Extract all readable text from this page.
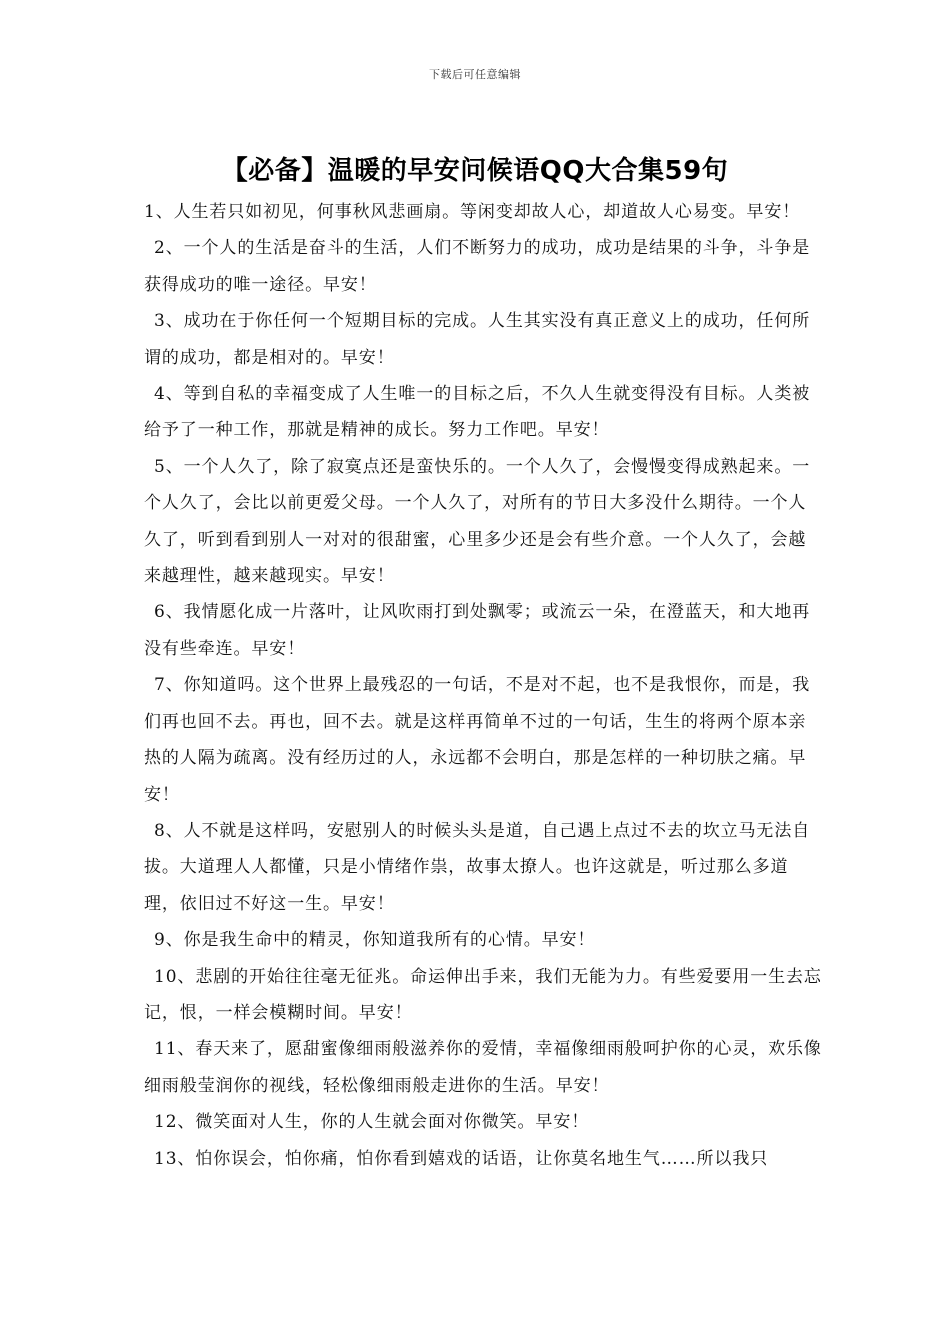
下载后可任意编辑
【必备】温暖的早安问候语QQ大合集59句

1、人生若只如初见，何事秋风悲画扇。等闲变却故人心，却道故人心易变。早安！

2、一个人的生活是奋斗的生活，人们不断努力的成功，成功是结果的斗争，斗争是获得成功的唯一途径。早安！

3、成功在于你任何一个短期目标的完成。人生其实没有真正意义上的成功，任何所谓的成功，都是相对的。早安！

4、等到自私的幸福变成了人生唯一的目标之后，不久人生就变得没有目标。人类被给予了一种工作，那就是精神的成长。努力工作吧。早安！

5、一个人久了，除了寂寞点还是蛮快乐的。一个人久了，会慢慢变得成熟起来。一个人久了，会比以前更爱父母。一个人久了，对所有的节日大多没什么期待。一个人久了，听到看到别人一对对的很甜蜜，心里多少还是会有些介意。一个人久了，会越来越理性，越来越现实。早安！

6、我情愿化成一片落叶，让风吹雨打到处飘零；或流云一朵，在澄蓝天，和大地再没有些牵连。早安！

7、你知道吗。这个世界上最残忍的一句话，不是对不起，也不是我恨你，而是，我们再也回不去。再也，回不去。就是这样再简单不过的一句话，生生的将两个原本亲热的人隔为疏离。没有经历过的人，永远都不会明白，那是怎样的一种切肤之痛。早安！

8、人不就是这样吗，安慰别人的时候头头是道，自己遇上点过不去的坎立马无法自拔。大道理人人都懂，只是小情绪作祟，故事太撩人。也许这就是，听过那么多道理，依旧过不好这一生。早安！

9、你是我生命中的精灵，你知道我所有的心情。早安！

10、悲剧的开始往往毫无征兆。命运伸出手来，我们无能为力。有些爱要用一生去忘记，恨，一样会模糊时间。早安！

11、春天来了，愿甜蜜像细雨般滋养你的爱情，幸福像细雨般呵护你的心灵，欢乐像细雨般莹润你的视线，轻松像细雨般走进你的生活。早安！

12、微笑面对人生，你的人生就会面对你微笑。早安！

13、怕你误会，怕你痛，怕你看到嬉戏的话语，让你莫名地生气……所以我只
